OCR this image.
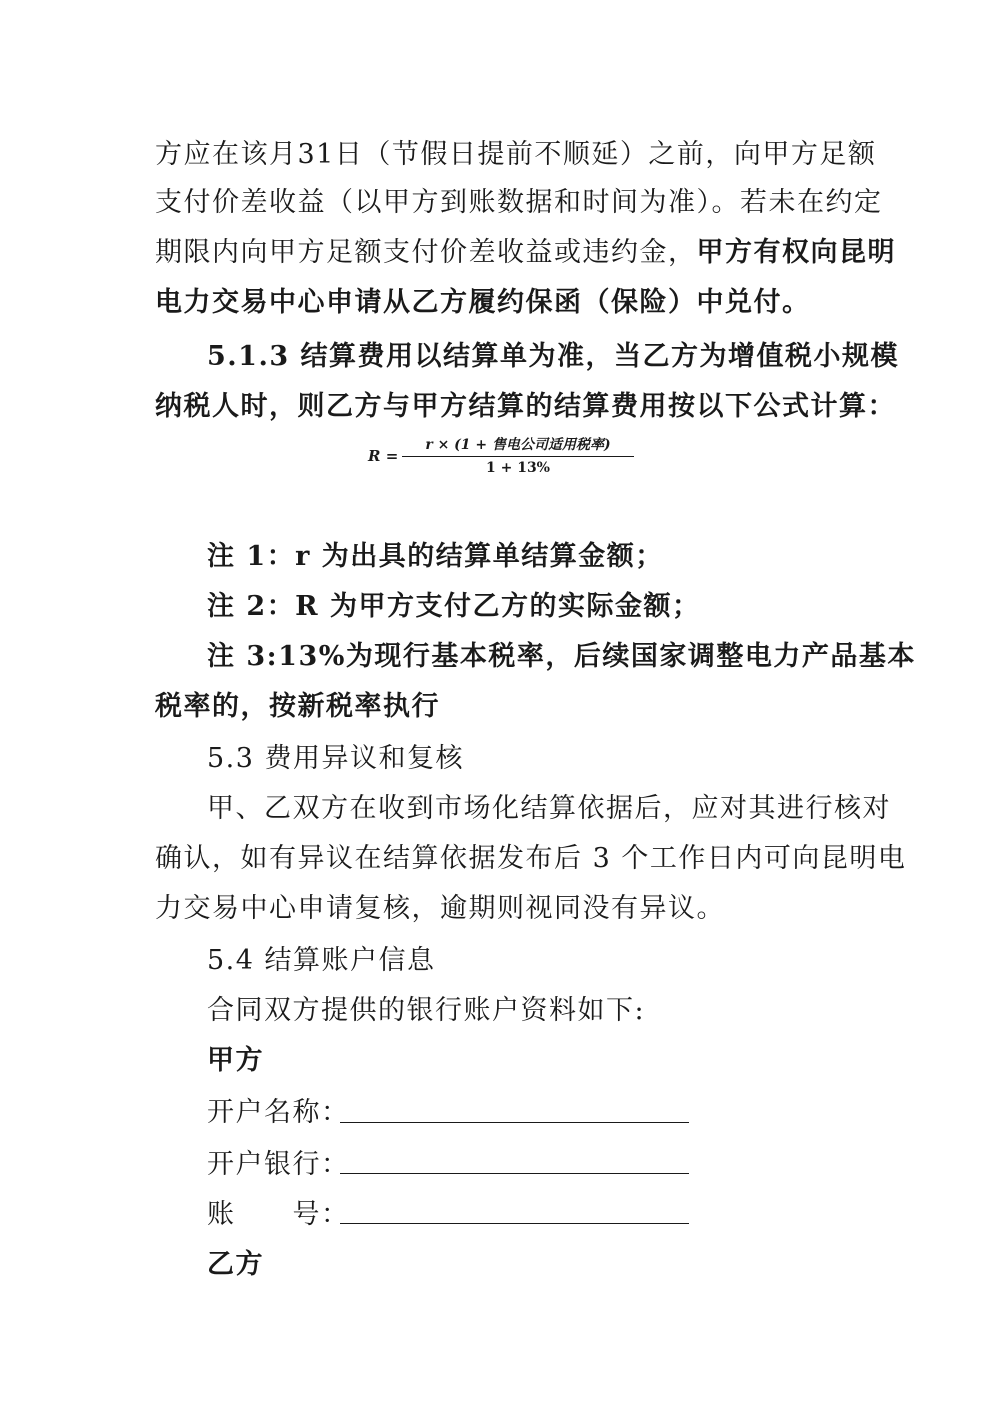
方应在该月31日（节假日提前不顺延）之前，向甲方足额
支付价差收益（以甲方到账数据和时间为准）。若未在约定
期限内向甲方足额支付价差收益或违约金，甲方有权向昆明
电力交易中心申请从乙方履约保函（保险）中兑付。
5.1.3 结算费用以结算单为准，当乙方为增值税小规模
纳税人时，则乙方与甲方结算的结算费用按以下公式计算：
R =
r × (1 + 售电公司适用税率)
1 + 13%
注 1：r 为出具的结算单结算金额；
注 2：R 为甲方支付乙方的实际金额；
注 3:13%为现行基本税率，后续国家调整电力产品基本
税率的，按新税率执行
5.3 费用异议和复核
甲、乙双方在收到市场化结算依据后，应对其进行核对
确认，如有异议在结算依据发布后 3 个工作日内可向昆明电
力交易中心申请复核，逾期则视同没有异议。
5.4 结算账户信息
合同双方提供的银行账户资料如下:
甲方
开户名称：
开户银行：
账　　号：
乙方
